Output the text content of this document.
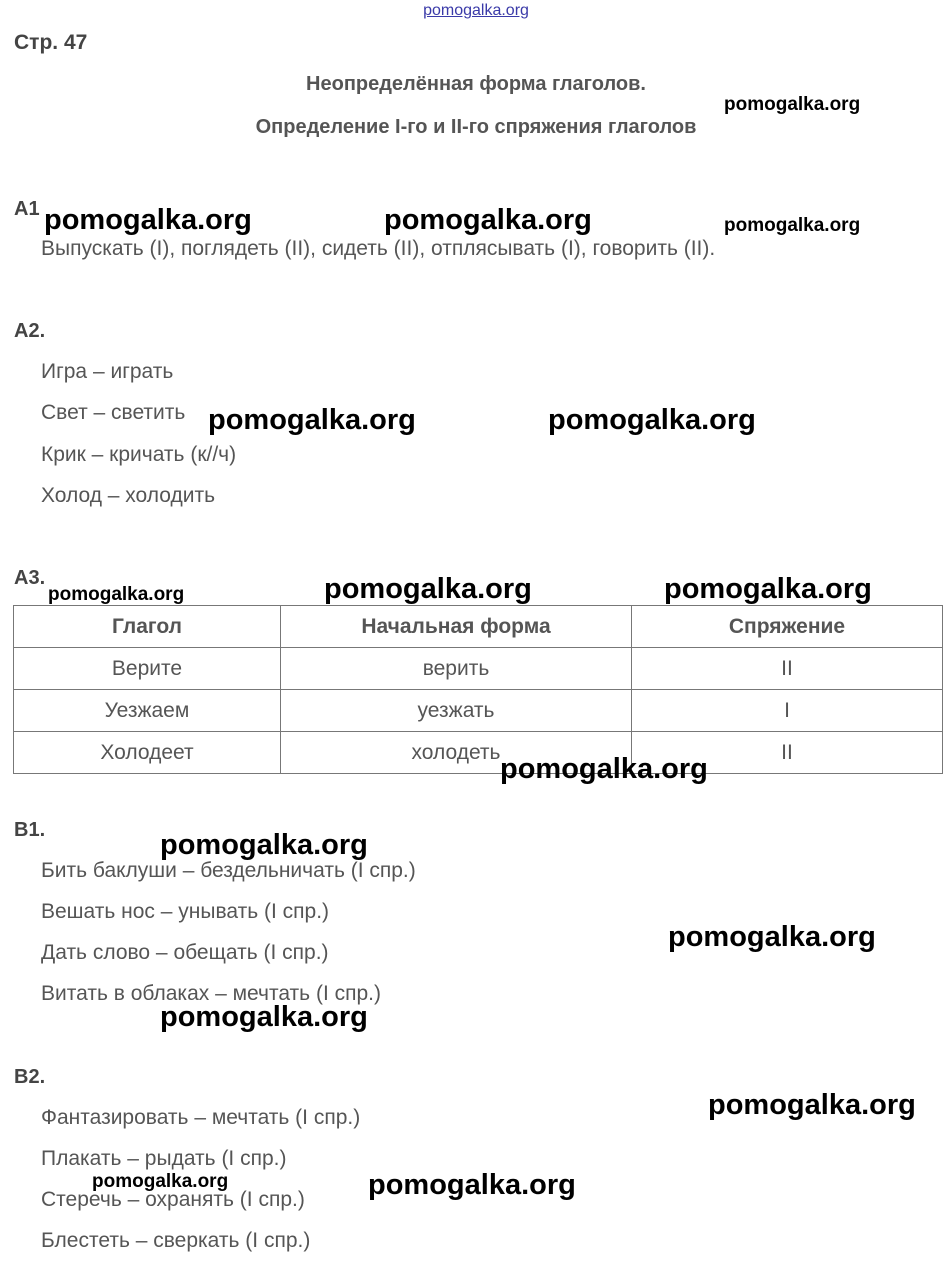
pomogalka.org
Стр. 47
Неопределённая форма глаголов.
Определение I-го и II-го спряжения глаголов
А1
Выпускать (I), поглядеть (II), сидеть (II), отплясывать (I), говорить (II).
А2.
Игра – играть
Свет – светить
Крик – кричать (к//ч)
Холод – холодить
А3.
Глагол	Начальная форма	Спряжение
Верите	верить	II
Уезжаем	уезжать	I
Холодеет	холодеть	II
В1.
Бить баклуши – бездельничать (I спр.)
Вешать нос – унывать (I спр.)
Дать слово – обещать (I спр.)
Витать в облаках – мечтать (I спр.)
В2.
Фантазировать – мечтать (I спр.)
Плакать – рыдать (I спр.)
Стеречь – охранять (I спр.)
Блестеть – сверкать (I спр.)
pomogalka.org
pomogalka.org	pomogalka.org	pomogalka.org
pomogalka.org	pomogalka.org
pomogalka.org	pomogalka.org	pomogalka.org
pomogalka.org
pomogalka.org
pomogalka.org
pomogalka.org
pomogalka.org
pomogalka.org	pomogalka.org
